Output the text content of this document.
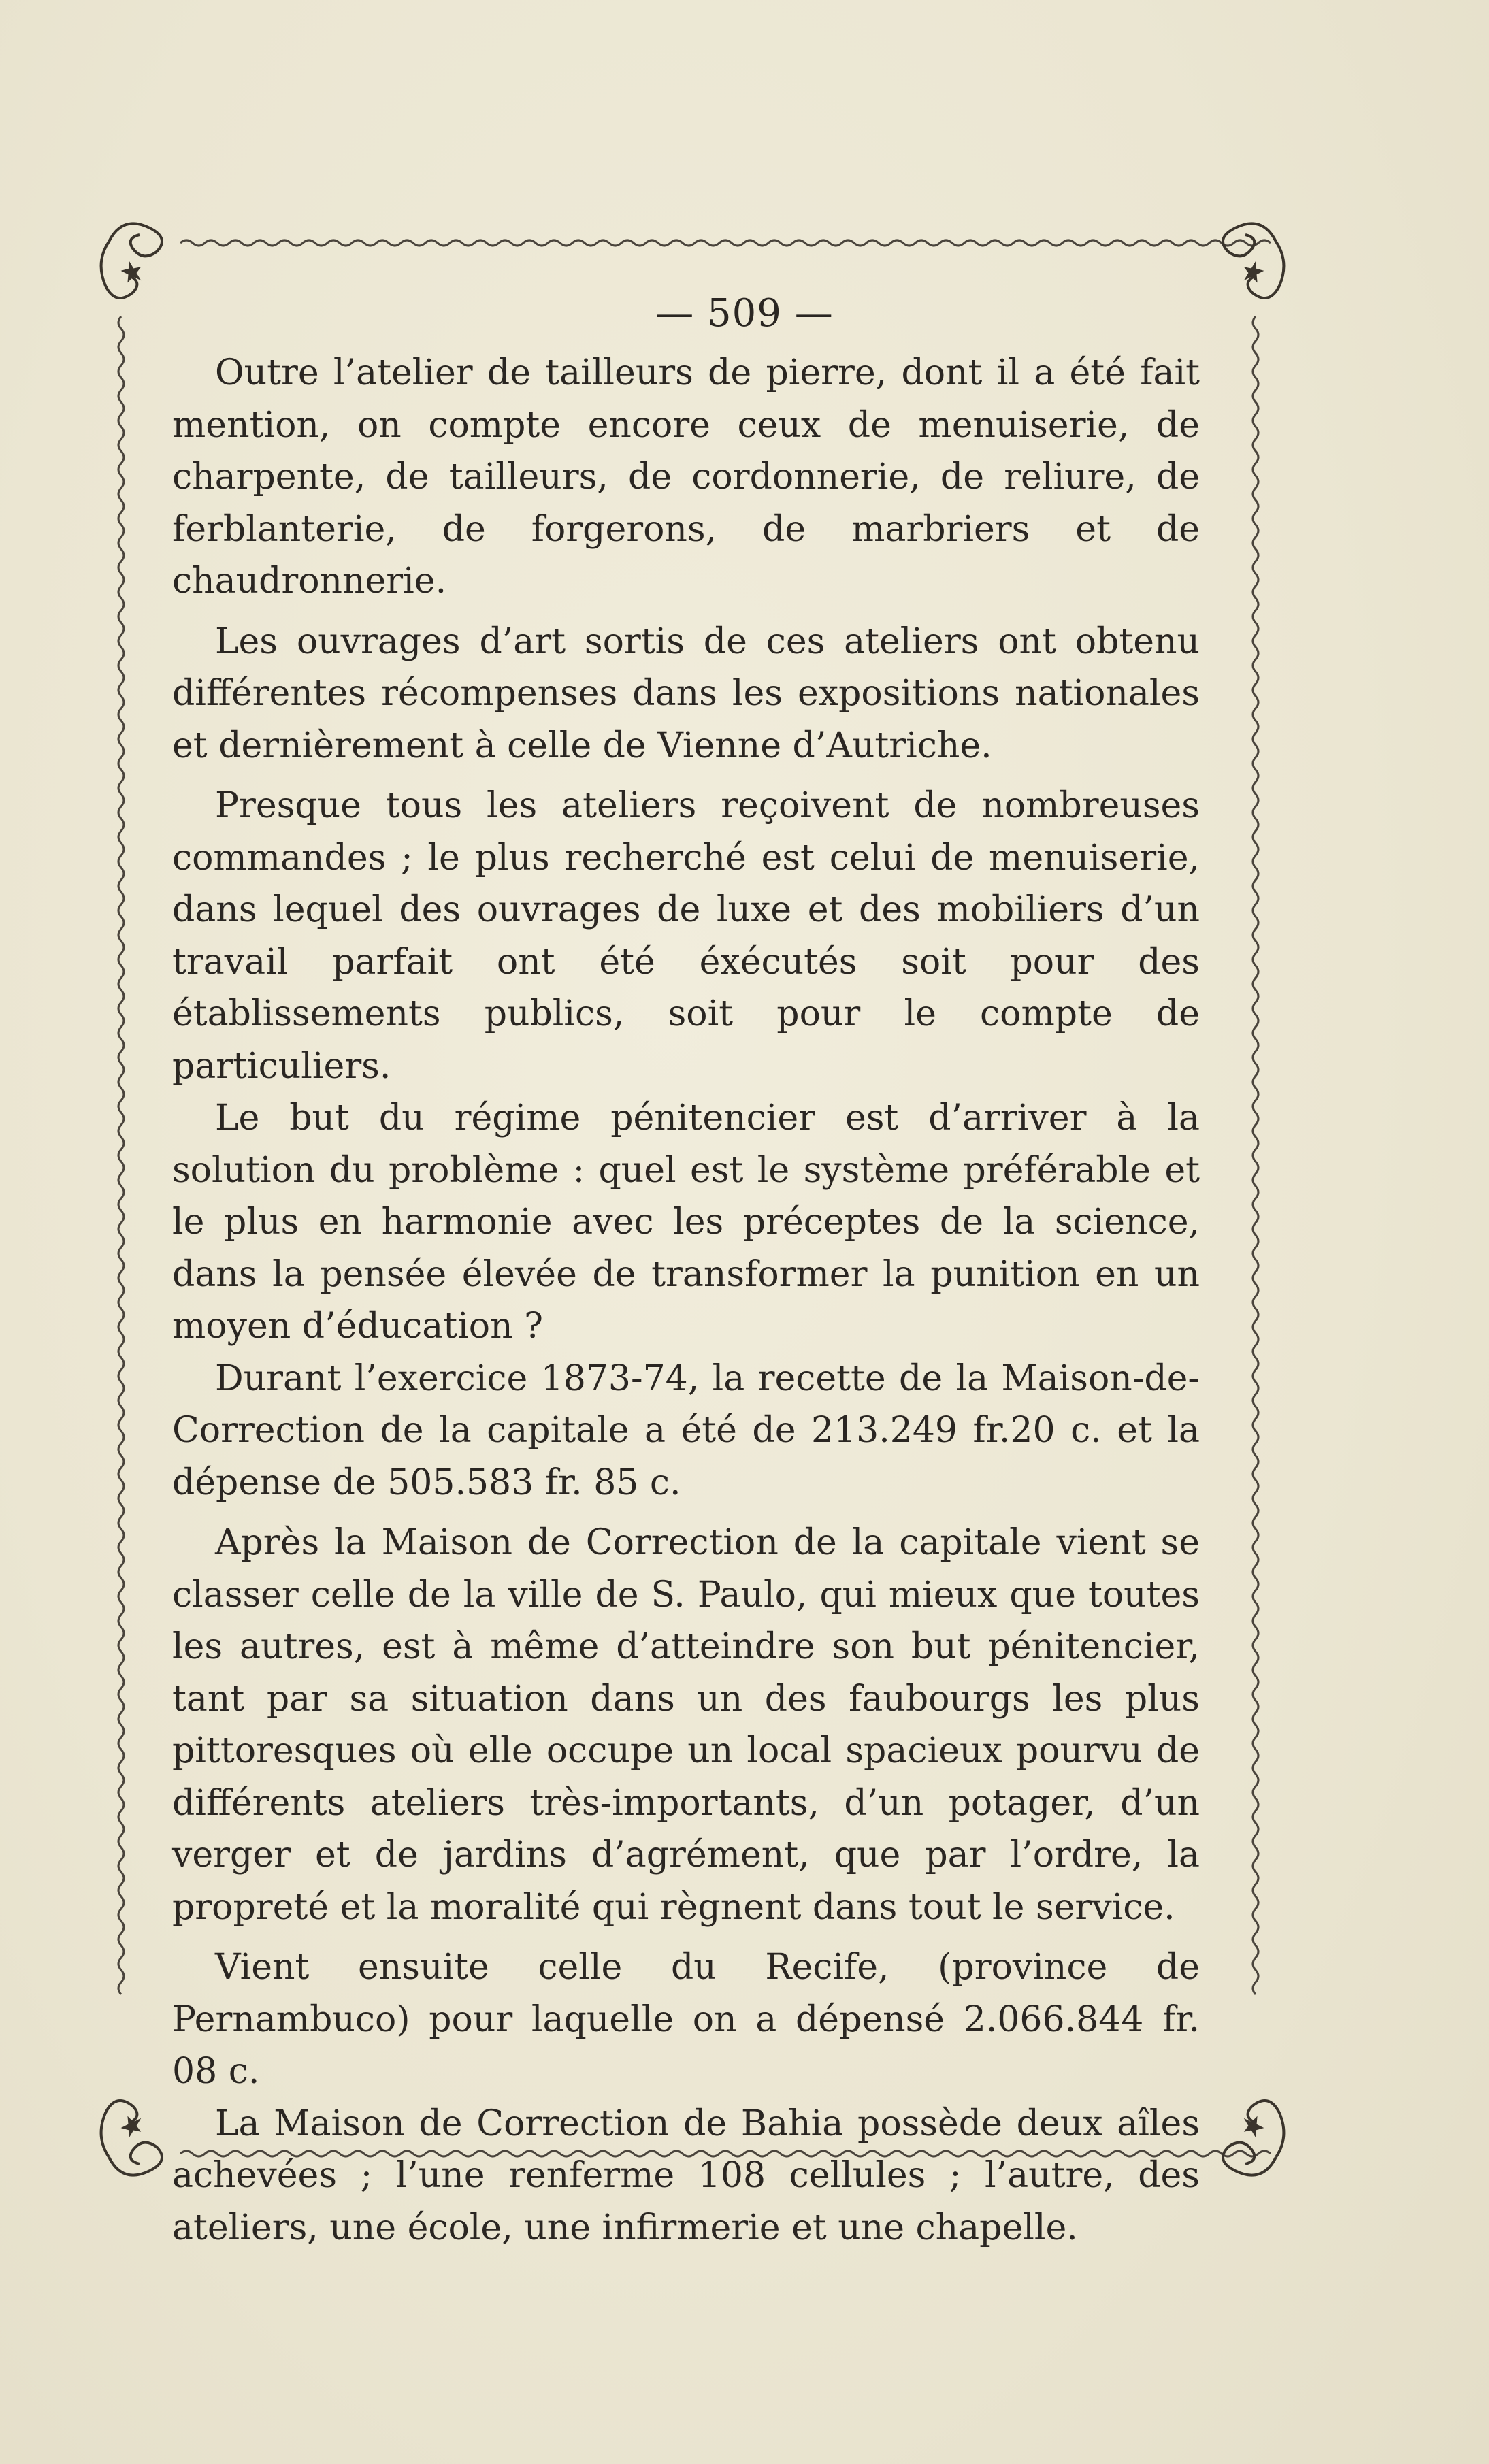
— 509 —

Outre l’atelier de tailleurs de pierre, dont il a été fait mention, on compte encore ceux de menuiserie, de charpente, de tailleurs, de cordonnerie, de reliure, de ferblanterie, de forgerons, de marbriers et de chaudronnerie.

Les ouvrages d’art sortis de ces ateliers ont obtenu différentes récompenses dans les expositions nationales et dernièrement à celle de Vienne d’Autriche.

Presque tous les ateliers reçoivent de nombreuses commandes ; le plus recherché est celui de menuiserie, dans lequel des ouvrages de luxe et des mobiliers d’un travail parfait ont été éxécutés soit pour des établissements publics, soit pour le compte de particuliers.

Le but du régime pénitencier est d’arriver à la solution du problème : quel est le système préférable et le plus en harmonie avec les préceptes de la science, dans la pensée élevée de transformer la punition en un moyen d’éducation ?

Durant l’exercice 1873-74, la recette de la Maison-de-Correction de la capitale a été de 213.249 fr.20 c. et la dépense de 505.583 fr. 85 c.

Après la Maison de Correction de la capitale vient se classer celle de la ville de S. Paulo, qui mieux que toutes les autres, est à même d’atteindre son but pénitencier, tant par sa situation dans un des faubourgs les plus pittoresques où elle occupe un local spacieux pourvu de différents ateliers très-importants, d’un potager, d’un verger et de jardins d’agrément, que par l’ordre, la propreté et la moralité qui règnent dans tout le service.

Vient ensuite celle du Recife, (province de Pernambuco) pour laquelle on a dépensé 2.066.844 fr. 08 c.

La Maison de Correction de Bahia possède deux aîles achevées ; l’une renferme 108 cellules ; l’autre, des ateliers, une école, une infirmerie et une chapelle.
